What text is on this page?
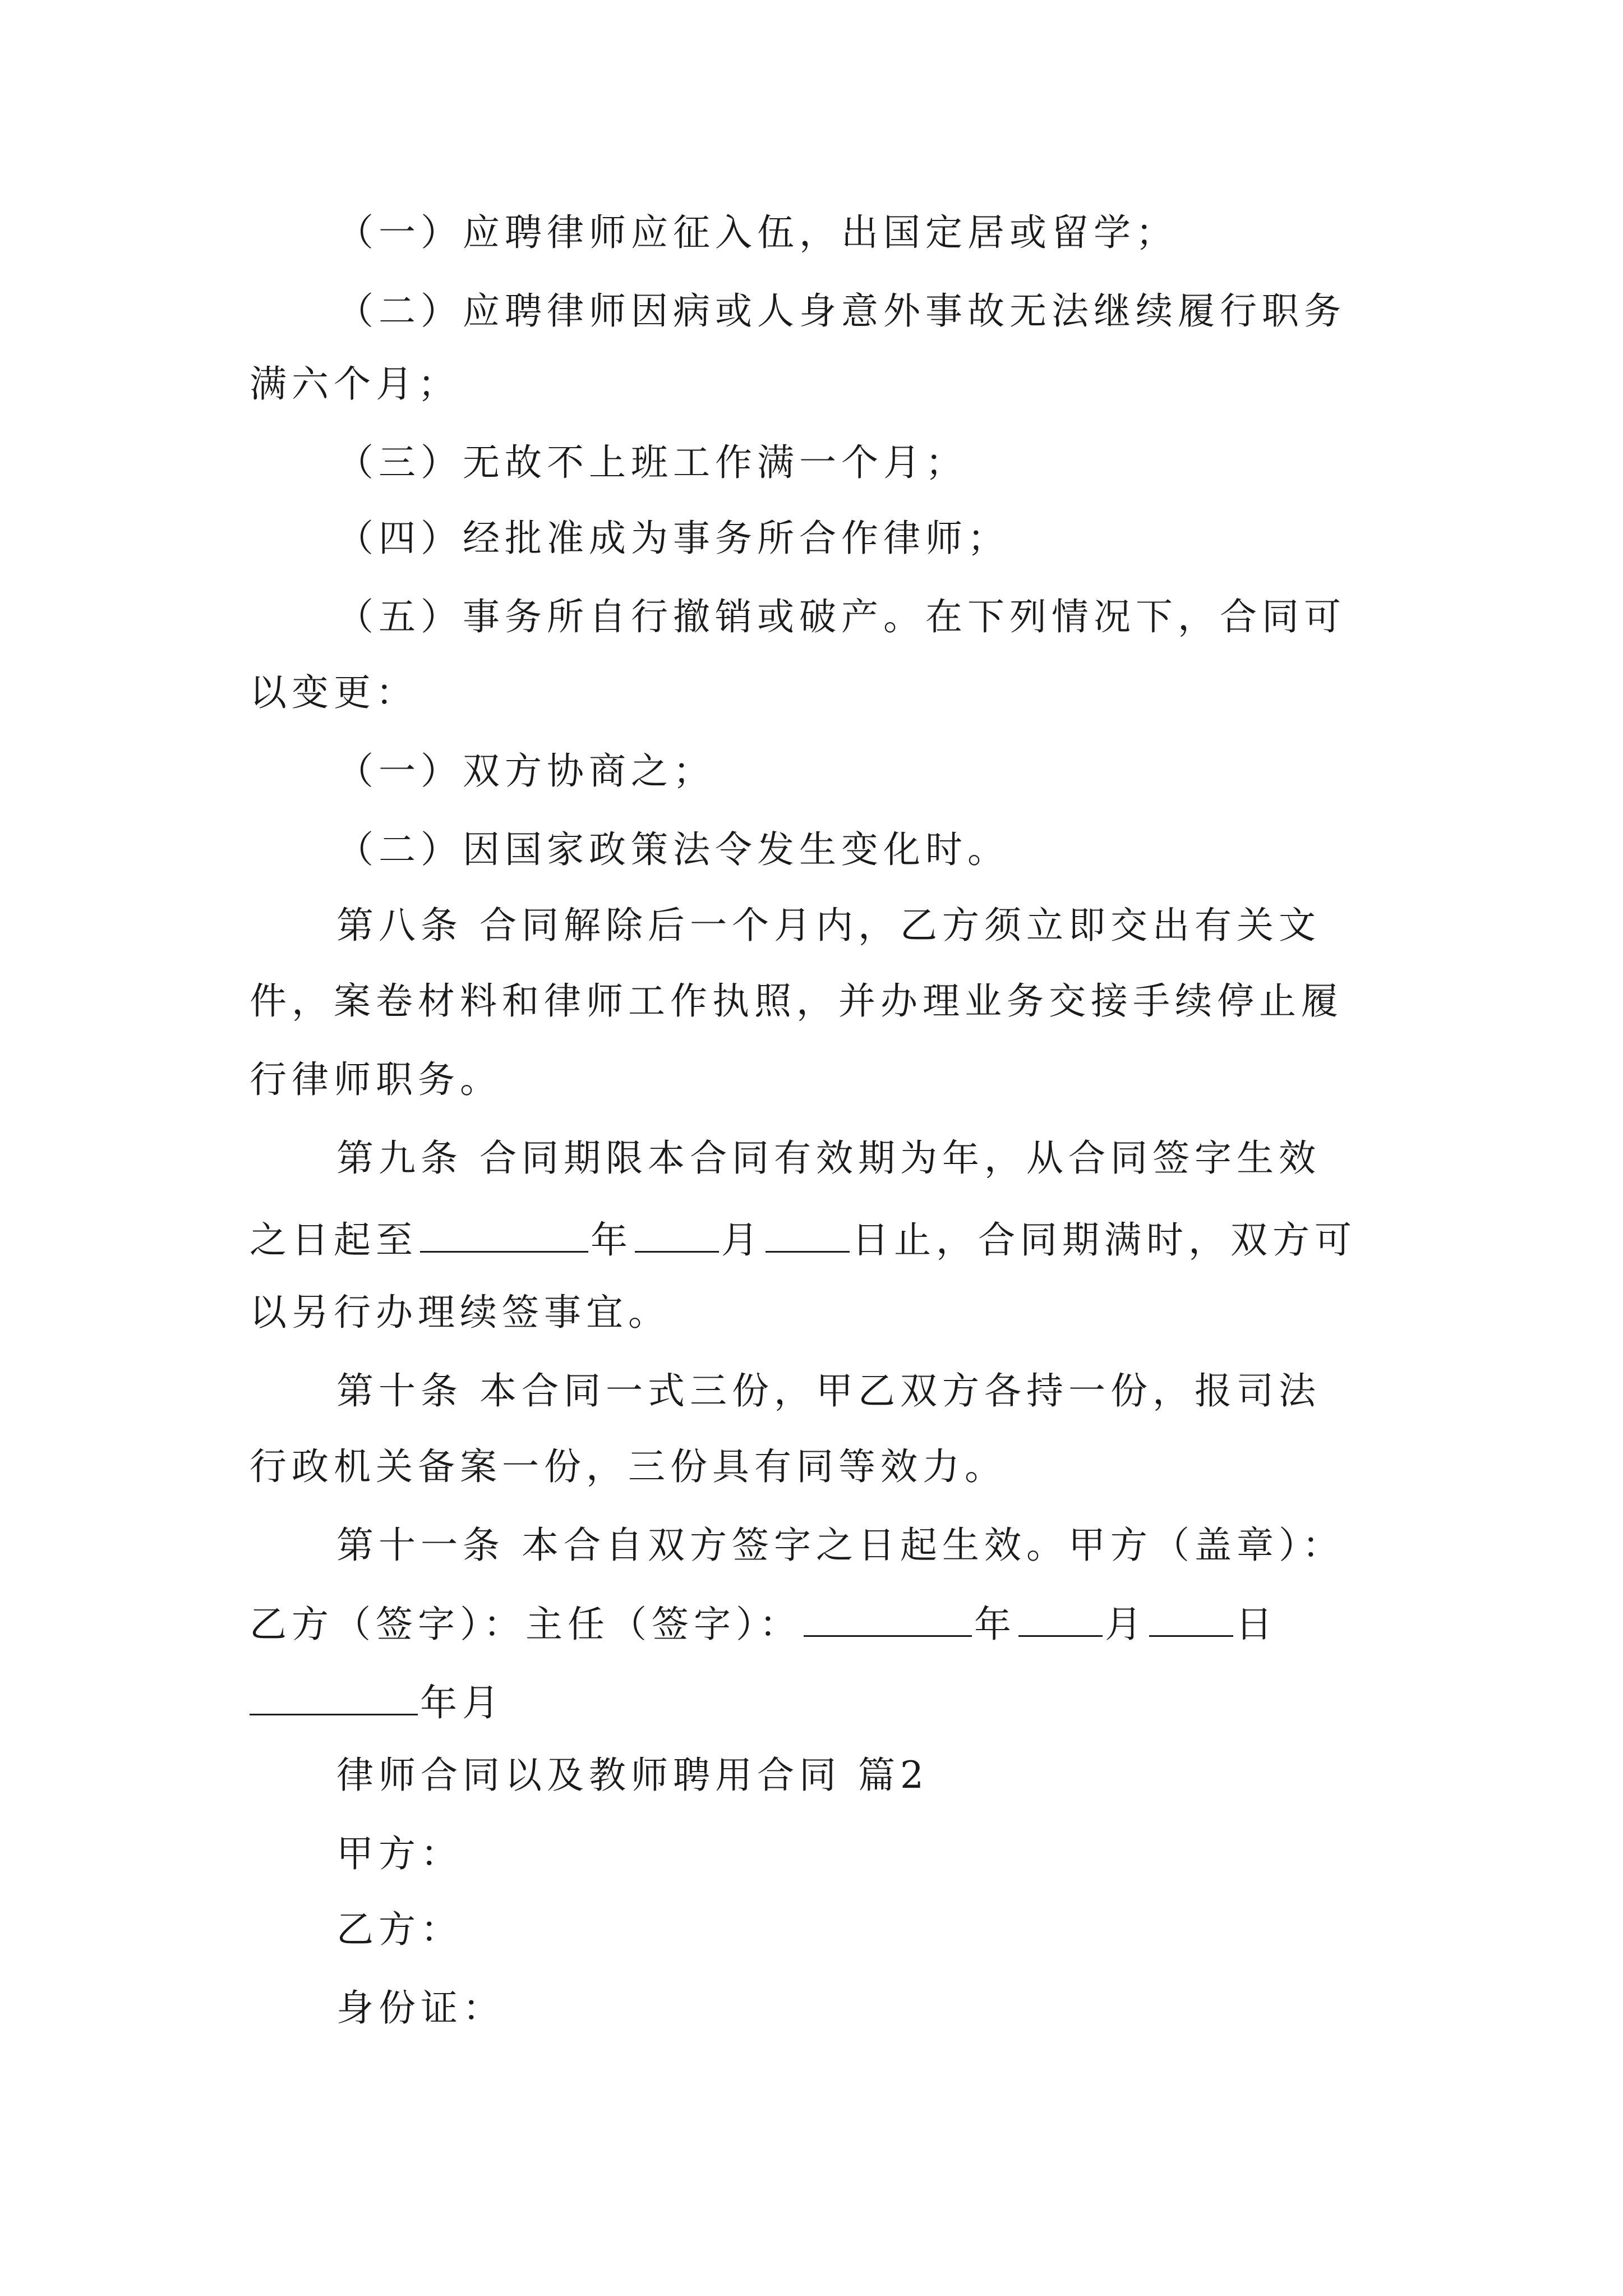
（一）应聘律师应征入伍，出国定居或留学；
（二）应聘律师因病或人身意外事故无法继续履行职务
满六个月；
（三）无故不上班工作满一个月；
（四）经批准成为事务所合作律师；
（五）事务所自行撤销或破产。在下列情况下，合同可
以变更：
（一）双方协商之；
（二）因国家政策法令发生变化时。
第八条 合同解除后一个月内，乙方须立即交出有关文
件，案卷材料和律师工作执照，并办理业务交接手续停止履
行律师职务。
第九条 合同期限本合同有效期为年，从合同签字生效
之日起至	年 月 日止，合同期满时，双方可
以另行办理续签事宜。
第十条 本合同一式三份，甲乙双方各持一份，报司法
行政机关备案一份，三份具有同等效力。
第十一条 本合自双方签字之日起生效。甲方（盖章）：
乙方（签字）：主任（签字）：	年 月 日
年月
律师合同以及教师聘用合同 篇2
甲方：
乙方：
身份证：
